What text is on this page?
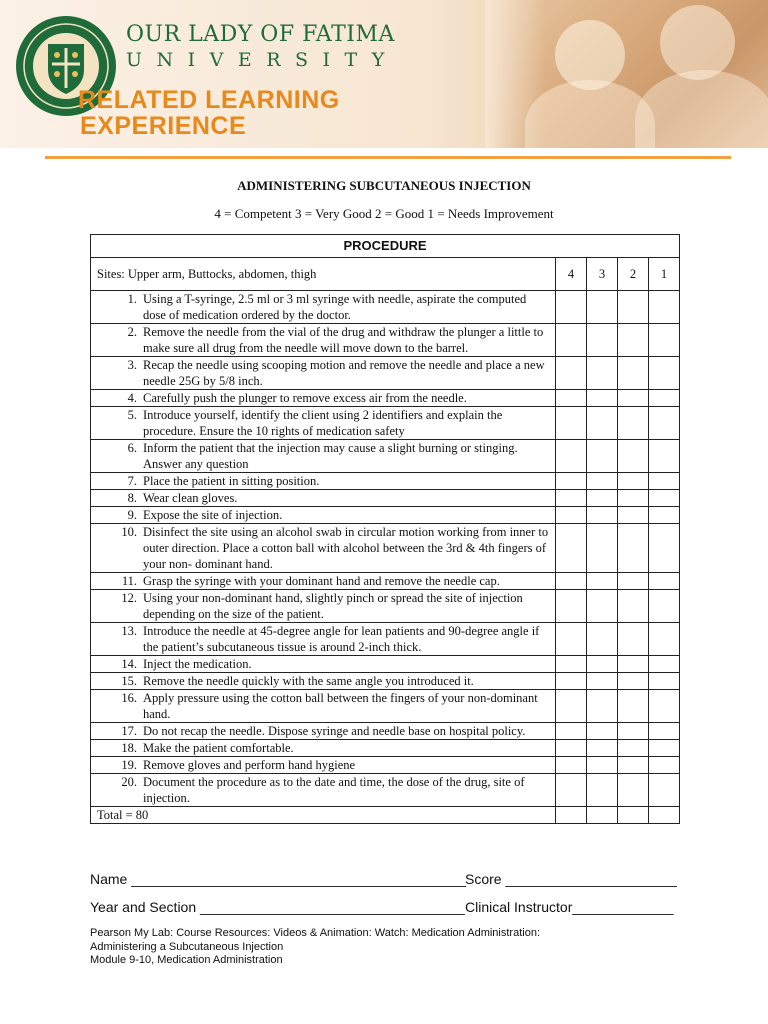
OUR LADY OF FATIMA
UNIVERSITY
RELATED LEARNING
EXPERIENCE
ADMINISTERING SUBCUTANEOUS INJECTION
4 = Competent 3 = Very Good 2 = Good 1 = Needs Improvement
PROCEDURE				
Sites: Upper arm, Buttocks, abdomen, thigh	4	3	2	1

1. Using a T-syringe, 2.5 ml or 3 ml syringe with needle, aspirate the computed dose of medication ordered by the doctor.				

2. Remove the needle from the vial of the drug and withdraw the plunger a little to make sure all drug from the needle will move down to the barrel.				

3. Recap the needle using scooping motion and remove the needle and place a new needle 25G by 5/8 inch.				

4. Carefully push the plunger to remove excess air from the needle.				

5. Introduce yourself, identify the client using 2 identifiers and explain the procedure. Ensure the 10 rights of medication safety				

6. Inform the patient that the injection may cause a slight burning or stinging. Answer any question				

7. Place the patient in sitting position.				

8. Wear clean gloves.				

9. Expose the site of injection.				

10. Disinfect the site using an alcohol swab in circular motion working from inner to outer direction. Place a cotton ball with alcohol between the 3rd & 4th fingers of your non- dominant hand.				

11. Grasp the syringe with your dominant hand and remove the needle cap.				

12. Using your non-dominant hand, slightly pinch or spread the site of injection depending on the size of the patient.				

13. Introduce the needle at 45-degree angle for lean patients and 90-degree angle if the patient’s subcutaneous tissue is around 2-inch thick.				

14. Inject the medication.				

15. Remove the needle quickly with the same angle you introduced it.				

16. Apply pressure using the cotton ball between the fingers of your non-dominant hand.				

17. Do not recap the needle. Dispose syringe and needle base on hospital policy.				

18. Make the patient comfortable.				

19. Remove gloves and perform hand hygiene				

20. Document the procedure as to the date and time, the dose of the drug, site of injection.				
Total = 80				
Name ___________________________________________
Score ______________________
Year and Section __________________________________ Clinical Instructor_____________
Pearson My Lab: Course Resources: Videos & Animation: Watch: Medication Administration:
Administering a Subcutaneous Injection
Module 9-10, Medication Administration
